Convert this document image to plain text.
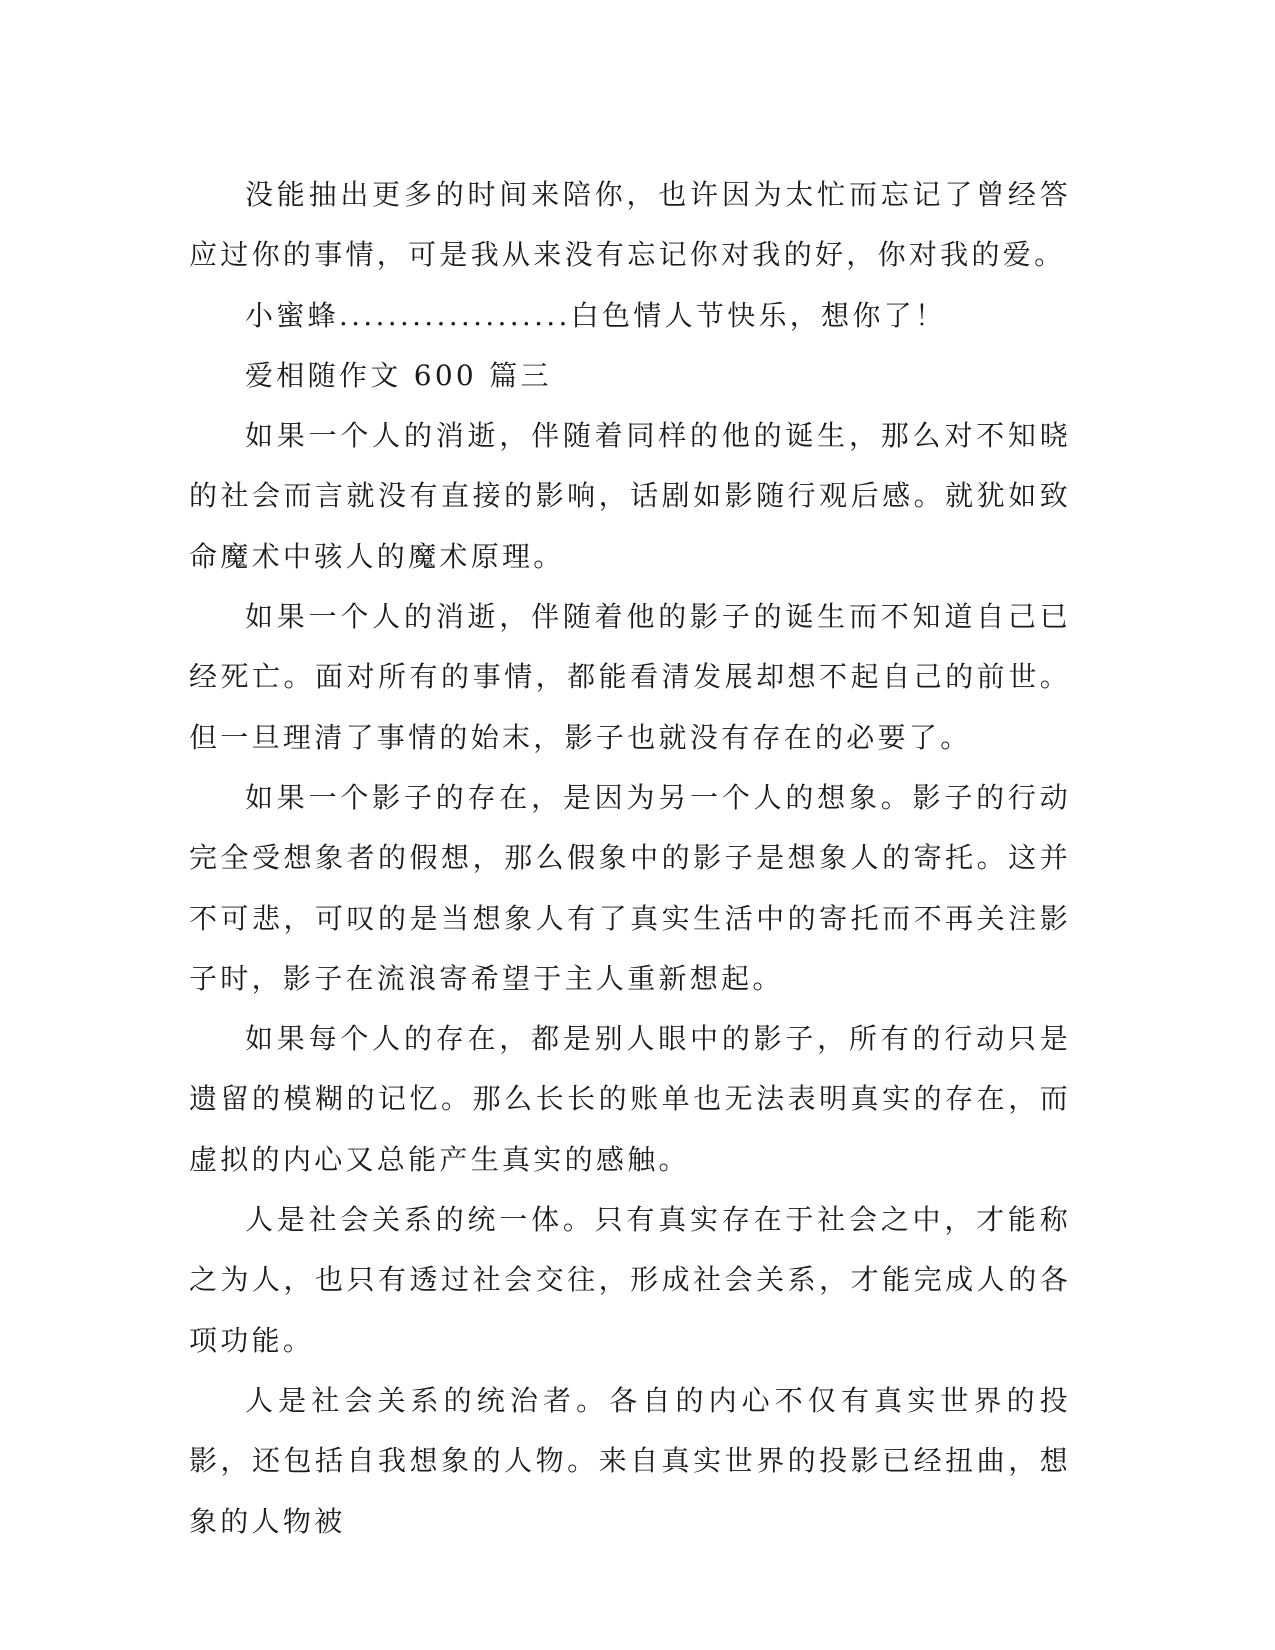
没能抽出更多的时间来陪你，也许因为太忙而忘记了曾经答应过你的事情，可是我从来没有忘记你对我的好，你对我的爱。

小蜜蜂...................白色情人节快乐，想你了！

爱相随作文 600 篇三

如果一个人的消逝，伴随着同样的他的诞生，那么对不知晓的社会而言就没有直接的影响，话剧如影随行观后感。就犹如致命魔术中骇人的魔术原理。

如果一个人的消逝，伴随着他的影子的诞生而不知道自己已经死亡。面对所有的事情，都能看清发展却想不起自己的前世。但一旦理清了事情的始末，影子也就没有存在的必要了。

如果一个影子的存在，是因为另一个人的想象。影子的行动完全受想象者的假想，那么假象中的影子是想象人的寄托。这并不可悲，可叹的是当想象人有了真实生活中的寄托而不再关注影子时，影子在流浪寄希望于主人重新想起。

如果每个人的存在，都是别人眼中的影子，所有的行动只是遗留的模糊的记忆。那么长长的账单也无法表明真实的存在，而虚拟的内心又总能产生真实的感触。

人是社会关系的统一体。只有真实存在于社会之中，才能称之为人，也只有透过社会交往，形成社会关系，才能完成人的各项功能。

人是社会关系的统治者。各自的内心不仅有真实世界的投影，还包括自我想象的人物。来自真实世界的投影已经扭曲，想象的人物被
